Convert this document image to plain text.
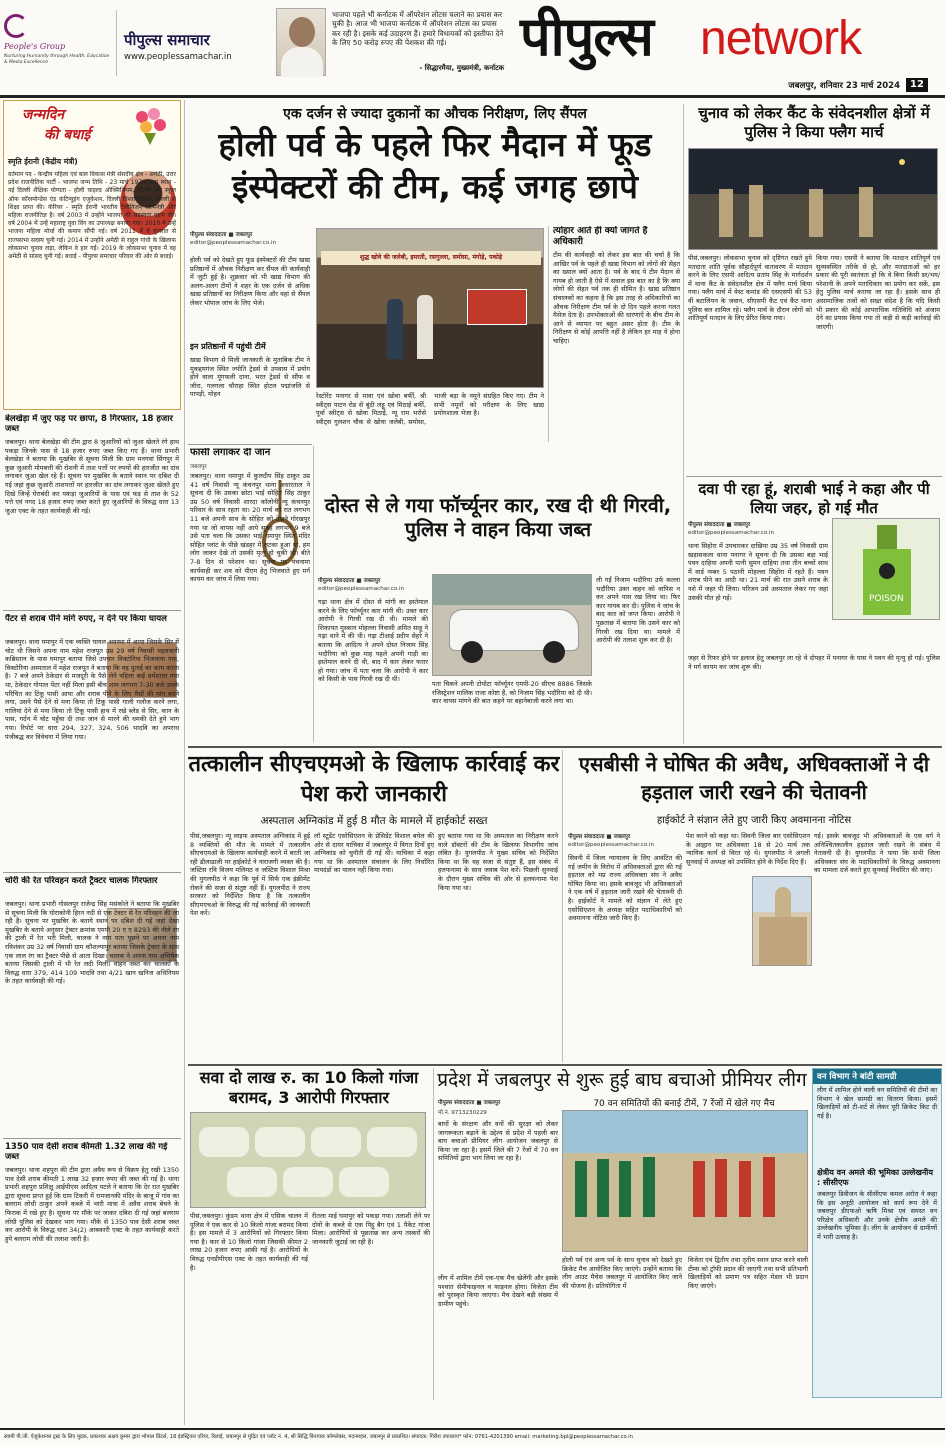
People's Group
Nurturing Humanity through Health, Education & Media Excellence
पीपुल्स समाचार
www.peoplessamachar.in
भाजपा पहले भी कर्नाटक में ऑपरेशन लोटस चलाने का प्रयास कर चुकी है। आज भी भाजपा कर्नाटक में ऑपरेशन लोटस का प्रयास कर रही है। इसके कई उदाहरण हैं। हमारे विधायकों को इस्तीफा देने के लिए 50 करोड़ रुपए की पेशकश की गई।
- सिद्धारमैया, मुख्यमंत्री, कर्नाटक पीपुल्स network
जबलपुर, शनिवार 23 मार्च 2024	12
जन्मदिन
की बधाई
स्मृति ईरानी (केंद्रीय मंत्री)
वर्तमान पद - केन्द्रीय महिला एवं बाल विकास मंत्री संसदीय क्षेत्र - अमेठी, उत्तर प्रदेश राजनीतिक पार्टी - भाजपा जन्म तिथि - 23 मार्च 1976 जन्म स्थान - नई दिल्ली शैक्षिक योग्यता - होली चाइल्ड ऑक्सिलियम, दिल्ली और स्कूल ऑफ कॉरस्पोन्डेंस एंड कंटिन्यूइंग एजुकेशन, दिल्ली विश्वविद्यालय, दिल्ली से शिक्षा प्राप्त की। कॅरियर - स्मृति ईरानी भारतीय टेलीविजन अभिनेत्री और महिला राजनीतिज्ञ है। वर्ष 2003 में उन्होंने भाजपा की सदस्यता ग्रहण की। वर्ष 2004 में उन्हें महाराष्ट्र युवा विंग का उपाध्यक्ष बनाया गया। 2010 में उन्हें भाजपा महिला मोर्चा की कमान सौंपी गई। वर्ष 2011 में वे गुजरात से राज्यसभा सदस्य चुनी गई। 2014 में उन्होंने अमेठी से राहुल गांधी के खिलाफ लोकसभा चुनाव लड़ा, लेकिन वे हार गईं। 2019 के लोकसभा चुनाव में वह अमेठी से सांसद चुनी गईं। बधाई - पीपुल्स समाचार परिवार की ओर से बधाई।
बेलखेड़ा में जुए फड़ पर छापा, 8 गिरफ्तार, 18 हजार जब्त
जबलपुर। थाना बेलखेड़ा की टीम द्वारा 8 जुआरियों को जुआ खेलते रंगे हाथ पकड़ा जिनके पास से 18 हजार रुपए जब्त किए गए हैं। थाना प्रभारी बेलखेड़ा ने बताया कि मुखबिर से सूचना मिली कि ग्राम मनगवां सिंगपुर में कुछ जुआरी मोमबत्ती की रोशनी में ताश पत्तों पर रुपयों की हारजीत का दांव लगाकर जुआ खेल रहे हैं। सूचना पर मुखबिर के बताये स्थान पर दबिश दी गई जहां कुछ जुआरी ताशपत्तों पर हारजीत का दांव लगाकर जुआ खेलते हुए दिखे जिन्हें घेराबंदी कर पकड़ा जुआरियों के पास एवं फड़ से ताश के 52 पत्ते एवं नगद 18 हजार रुपए जब्त करते हुए जुआरियों के विरुद्ध धारा 13 जुआ एक्ट के तहत कार्यवाही की गई।
पैंटर से शराब पीने मांगे रुपए, न देने पर किया घायल
जबलपुर। थाना घमापुर में एक व्यक्ति घायल अवस्था में आया जिसके सिर में चोट थी जिसने अपना नाम महेश राजपूत उम्र 29 वर्ष निवासी पहलवानी कब्रिस्तान के पास घमापुर बताया जिसे उपचार विक्टोरिया भिजवाया गया, विक्टोरिया अस्पताल में महेश राजपूत ने बताया कि वह पुताई का काम करता है। 7 बजे अपने ठेकेदार से मजदूरी के पैसे लेने पहिला बाई धर्मशाला गया था, ठेकेदार गोपाल पेंटर नहीं मिला इसी बीच शाम लगभग 7-30 बजे उसके परिचित का टिंकू पासी आया और शराब पीने के लिए पैसों की मांग करने लगा, उसने पैसे देने से मना किया तो टिंकू पासी गाली गलौज करने लगा, गालियां देने से मना किया तो टिंकू पासी हाथ में रखे ब्लेड से सिर, कान के पास, गर्दन में चोट पहुँचा दी तथा जान से मारने की धमकी देते हुये भाग गया। रिपोर्ट पर धारा 294, 327, 324, 506 भादवि का अपराध पंजीबद्ध कर विवेचना में लिया गया।
चोरी की रेत परिवहन करते ट्रैक्टर चालक गिरफ्तार
जबलपुर। थाना प्रभारी गोसलपुर राजेन्द्र सिंह मसंकोले ने बताया कि मुखबिर से सूचना मिली कि घोराकोनी हिरन नदी से एक टेक्टर से रेत परिवहन की जा रही है। सूचना पर मुखबिर के बताये स्थान पर दबिश दी गई जहां देखा मुखबिर के बताये अनुसार ट्रेक्टर क्रमांक एमपी 20 ए ए 8293 की नीले रंग की ट्राली में रेत भरी मिली, चालक ने नाम पता पूछने पर अपना नाम रविशंकर उम्र 32 वर्ष निवासी ग्राम कौशल्यापुर बताया जिसके ट्रेक्टर के साथ एक लाल रंग का ट्रैक्टर पीछे से आता दिखा। चालक ने अपना नाम अभिषेक बताया जिसकी ट्राली में भी रेत लदी मिली। वाहन जब्त कर चालकों के विरुद्ध धारा 379, 414 109 भादवि तथा 4/21 खान खनिज अधिनियम के तहत कार्यवाही की गई।
1350 पाव देसी शराब कीमती 1.32 लाख की गई जब्त
जबलपुर। थाना शहपुरा की टीम द्वारा अवैध रूप से विक्रय हेतु रखी 1350 पाव देसी शराब कीमती 1 लाख 32 हजार रुपए की जब्त की गई है। थाना प्रभारी शहपुरा प्रशिक्षु आईपीएस आदित्य पटले ने बताया कि देर रात मुखबिर द्वारा सूचना प्राप्त हुई कि ग्राम टिकरी में रामजानकी मंदिर के बाजू में गांव का बलराम लोधी ठाकुर अपने कब्जे में भारी मात्रा में अवैध शराब बेचने के फिराक में रखे हुए है। सूचना पर मौके पर जाकर दबिश दी गई जहां बलराम लोधी पुलिस को देखकर भाग गया। मौके से 1350 पाव देसी शराब जब्त कर आरोपी के विरुद्ध धारा 34(2) आबकारी एक्ट के तहत कार्यवाही करते हुये बलराम लोधी की तलाश जारी है।
एक दर्जन से ज्यादा दुकानों का औचक निरीक्षण, लिए सैंपल
होली पर्व के पहले फिर मैदान में फूड इंस्पेक्टरों की टीम, कई जगह छापे
पीपुल्स संवाददाता ■ जबलपुर
editor@peoplessamachar.co.in
होली पर्व को देखते हुए फूड इंस्पेक्टरों की टीम खाद्य प्रतिष्ठानों में औचक निरीक्षण कर सैंपल की कार्यवाही में जुटी हुई है। शुक्रवार को भी खाद्य विभाग की अलग-अलग टीमों ने शहर के एक दर्जन से अधिक खाद्य प्रतिष्ठानों का निरीक्षण किया और वहां से सैंपल लेकर भोपाल जांच के लिए भेजे।
इन प्रतिष्ठानों में पहुंची टीमें
खाद्य विभाग से मिली जानकारी के मुताबिक टीम ने मुकद्दमगंज स्थित ज्योति ट्रेडर्स से उपवास में प्रयोग होने वाला मूंगफली दाना, भरत ट्रेडर्स से सौंफ व जीरा, गलगला चौराहा स्थित होटल पद्मांजलि से पापड़ी, मोहन
शुद्ध खोवे की जलेबी, इमरती, रसगुल्ला, समोसा, मंगोड़े, पकोड़े
रेस्टोरेंट पनागर से मावा एवं खोवा बर्फी, श्री स्वीट्स पाटन रोड से बूंदी लड्डू एवं मिठाई बर्फी, पूर्वा स्वीट्स से खोवा मिठाई, न्यू राम भरोसे स्वीट्स गुलशन चौक से खोवा जलेबी, समोसा, भाजी बड़ा के नमूने संग्रहित किए गए। टीम ने सभी नमूनों को परीक्षण के लिए खाद्य प्रयोगशाला भेजा है।
त्योहार आते ही क्यों जागते हैं अधिकारी
टीम की कार्यवाही को लेकर इस बात की चर्चा है कि आखिर पर्व के पहले ही खाद्य विभाग को लोगों की सेहत का ख्याल क्यों आता है। पर्व के बाद ये टीम मैदान से गायब हो जाती है ऐसे में सवाल इस बात का है कि क्या लोगों की सेहत पर्व तक ही सीमित है। खाद्य प्रतिष्ठान संचालकों का कहना है कि इस तरह से अधिकारियों का औचक निरीक्षण टीम पर्व के दो दिन पहले करना गलत मैसेज देता है। उपभोक्ताओं की धारणाएँ के बीच टीम के आने से व्यापार पर बहुत असर होता है। टीम के निरीक्षण से कोई आपत्ति नहीं है लेकिन हर माह ये होना चाहिए।
फांसी लगाकर दी जान
जबलपुर
जबलपुर। थाना घमापुर में कुलदीप सिंह ठाकुर उम्र 41 वर्ष निवासी न्यू कंचनपुर थाना अधारताल ने सूचना दी कि उसका छोटा भाई सोहित सिंह ठाकुर उम्र 50 वर्ष निवासी शारदा कॉलोनी न्यू कंचनपुर परिवार के साथ रहता था। 20 मार्च को रात लगभग 11 बजे अपनी साथ के सोहित को देखने गोरखपुर गया था जो वापस नहीं आये सुबह लगभग 9 बजे उसे पता चला कि उसका भाई घमापुर स्थित मंदिर सोहित प्लांट के पीछे खंडहर में लटका हुआ था, हम लोग जाकर देखे तो उसकी मृत्यु हो चुकी थी। बीते 7-8 दिन से परेशान था। सूचना पर पंचनामा कार्यवाही कर शव को पीएम हेतु भिजवाते हुए मर्ग कायम कर जांच में लिया गया।
दोस्त से ले गया फॉर्च्यूनर कार, रख दी थी गिरवी, पुलिस ने वाहन किया जब्त
पीपुल्स संवाददाता ■ जबलपुर
editor@peoplessamachar.co.in
गढ़ा थाना क्षेत्र में दोस्त से मांगी का इस्तेमाल करने के लिए फॉर्च्यूनर कार मांगी थी। उक्त कार आरोपी ने गिरवी रख दी थी। मामले की शिकायत मुस्कान मोहल्ला निवासी अमित साहू ने गढ़ा थाने में की थी। गढ़ा टीआई प्रदीप सेहरे ने बताया कि आदित्य ने अपने दोस्त निजाम सिंह भदौरिया को कुछ माह पहले अपनी गाड़ी का इस्तेमाल करने दी थी, बाद में कार लेकर फरार हो गया। जांच में पता चला कि आरोपी ने कार को किसी के पास गिरवी रख दी थी।
पता चिकने अपनी टोयोटा फॉर्च्यूनर एमपी-20 सीएच 8886 जिसके रजिस्ट्रेशन मालिक राजा कोष्टा हैं, को निजाम सिंह भदौरिया को दी थी। कार वापस मांगने की बात कहने पर बहानेबाजी करने लगा था।
ली गईं निजाम भदौरिया उर्फ कल्ला भदौरिया उक्त वाहन को वापिस न कर अपने पास रख लिया था। फिर कार गायब कर दी। पुलिस ने जांच के बाद कार को जप्त किया। आरोपी ने पूछताछ में बताया कि उसने कार को गिरवी रख दिया था। मामले में आरोपी की तलाश शुरू कर दी है।
चुनाव को लेकर कैंट के संवेदनशील क्षेत्रों में पुलिस ने किया फ्लैग मार्च
पीसं,जबलपुर। लोकसभा चुनाव को दृष्टिगत रखते हुये मतदाता शांति पूर्वक सौहार्दपूर्ण वातावरण में मतदान करने के लिए एसपी आदित्य प्रताप सिंह के मार्गदर्शन में थाना कैंट के संवेदनशील क्षेत्र में फ्लैग मार्च किया गया। फ्लैग मार्च में वेस्ट कमांड की एसएसपी की 53 वीं बटालियन के जवान, सीएसपी कैंट एवं कैंट थाना पुलिस बल शामिल रहे। फ्लैग मार्च के दौरान लोगों को शांतिपूर्ण मतदान के लिए प्रेरित किया गया।
किया गया। एसपी ने बताया कि मतदान शांतिपूर्ण एवं सुव्यवस्थित तरीके से हो, और मतदाताओं को हर प्रकार की पूरी स्वतंत्रता हो कि वे बिना किसी डर/भय/परेशानी के अपने मताधिकार का प्रयोग कर सकें, इस हेतु पुलिस मार्च कराया जा रहा है। इसके साथ ही असामाजिक तत्वों को सख्त संदेश है कि यदि किसी भी प्रकार की कोई आपराधिक गतिविधि को अंजाम देने का प्रयास किया गया तो कड़ी से कड़ी कार्रवाई की जाएगी।
दवा पी रहा हूं, शराबी भाई ने कहा और पी लिया जहर, हो गई मौत
पीपुल्स संवाददाता ■ जबलपुर
editor@peoplessamachar.co.in
थाना सिहोरा में उपचारकर दाखिया उम्र 35 वर्ष निवासी ग्राम खड़ासकला थाना पनागर ने सूचना दी कि उसका बड़ा भाई पवन दाहिया अपनी पत्नी सुमन दाहिया तथा तीन बच्चों साथ में वार्ड नम्बर 5 पठानी मोहल्ला सिहोरा में रहते हैं। पवन शराब पीने का आदी था। 21 मार्च की रात उसने शराब के नशे में जहर पी लिया। परिजन उसे अस्पताल लेकर गए जहां उसकी मौत हो गई।	POISON
जहर से रिफर होने पर इलाज हेतु जबलपुर ला रहे थे दोपहर में पनागर के पास ने पवन की मृत्यु हो गई। पुलिस ने मर्ग कायम कर जांच शुरू की।
तत्कालीन सीएचएमओ के खिलाफ कार्रवाई कर पेश करो जानकारी
अस्पताल अग्निकांड में हुई 8 मौत के मामले में हाईकोर्ट सख्त
पीसं,जबलपुर। न्यू लाइफ अस्पताल अग्निकांड में हुई 8 व्यक्तियों की मौत के मामले में तत्कालीन सीएचएमओ के खिलाफ कार्यवाही करने में बरती जा रही ढीलाढाली पर हाईकोर्ट ने नाराजगी व्यक्त की है। जस्टिस रवि विजय मलिमठ व जस्टिस विशाल मिश्रा की युगलपीठ ने कहा कि पूर्व में सिर्फ एक इंक्रीमेंट रोकने की सजा से संतुष्ट नहीं हैं। युगलपीठ ने राज्य सरकार को निर्देशित किया है कि तत्कालीन सीएमएचओ के विरुद्ध की गई कार्रवाई की जानकारी पेश करें।
लॉ स्टूडेंट एसोसिएशन के प्रेसिडेंट विशाल बघेल की ओर से दायर याचिका में जबलपुर में विगत दिनों हुए अग्निकांड को चुनौती दी गई थी। याचिका में कहा गया था कि अस्पताल संचालन के लिए निर्धारित मापदंडों का पालन नहीं किया गया।
हुए बताया गया था कि अस्पताल का निरीक्षण करने वाले डॉक्टरों की टीम के खिलाफ विभागीय जांच लंबित है। युगलपीठ ने मुख्य सचिव को निर्देशित किया था कि वह सजा से संतुष्ट हैं, इस संबंध में हलफनामा के साथ जवाब पेश करें। पिछली सुनवाई के दौरान मुख्य सचिव की ओर से हलफनामा पेश किया गया था।
एसबीसी ने घोषित की अवैध, अधिवक्ताओं ने दी हड़ताल जारी रखने की चेतावनी
हाईकोर्ट ने संज्ञान लेते हुए जारी किए अवमानना नोटिस
पीपुल्स संवाददाता ■ जबलपुर
editor@peoplessamachar.co.in
सिवनी में जिला न्यायालय के लिए आवंटित की गई जमीन के विरोध में अधिवक्ताओं द्वारा की गई हड़ताल को मप्र राज्य अधिवक्ता संघ ने अवैध घोषित किया था। इसके बावजूद भी अधिवक्ताओं ने एक वर्ष में हड़ताल जारी रखने की चेतावनी दी है। हाईकोर्ट ने मामले को संज्ञान में लेते हुए एसोसिएशन के अध्यक्ष सहित पदाधिकारियों को अवमानना नोटिस जारी किए हैं।
पेश करने को कहा था। सिवनी जिला बार एसोसिएशन के आह्वान पर अधिवक्ता 18 से 20 मार्च तक न्यायिक कार्य से विरत रहे थे। युगलपीठ ने अगली सुनवाई में अध्यक्ष को उपस्थित होने के निर्देश दिए हैं।
गई। इसके बावजूद भी अधिवक्ताओं के एक वर्ग ने अनिश्चितकालीन हड़ताल जारी रखने के संबंध में नेतावनी दी है। युगलपीठ ने पाया कि सभी जिला अधिवक्ता संघ के पदाधिकारियों के विरुद्ध अवमानना का मामला दर्ज करते हुए सुनवाई निर्धारित की जाए।
सवा दो लाख रु. का 10 किलो गांजा बरामद, 3 आरोपी गिरफ्तार
पीसं,जबलपुर। कुंडम थाना क्षेत्र में एसिक चालन में पुलिस ने एक कार से 10 किलो गांजा बरामद किया है। इस मामले में 3 आरोपियों को गिरफ्तार किया गया है। कार से 10 किलो गांजा जिसकी कीमत 2 लाख 20 हजार रुपए आंकी गई है। आरोपियों के विरुद्ध एनडीपीएस एक्ट के तहत कार्यवाही की गई है।
रीतला माई घमापुर को पकड़ा गया। तलाशी लेने पर दोनों के कब्जे से एक पिट्ठू बैग एवं 1 पैकेट गांजा मिला। आरोपियों से पूछताछ कर अन्य तस्करों की जानकारी जुटाई जा रही है।
प्रदेश में जबलपुर से शुरू हुई बाघ बचाओ प्रीमियर लीग
70 वन समितियों की बनाई टीमें, 7 रेंजों में खेले गए मैच
पीपुल्स संवाददाता ■ जबलपुर
मो.नं. 9713230229
बाघों के संरक्षण और वनों की सुरक्षा को लेकर जागरूकता बढ़ाने के उद्देश्य से प्रदेश में पहली बार बाघ बचाओ प्रीमियर लीग आयोजन जबलपुर से किया जा रहा है। इसमें जिले की 7 रेंजों में 70 वन समितियों द्वारा भाग लिया जा रहा है।
लीग में शामिल टीमें एक-एक मैच खेलेंगी और इसके पश्चात सेमीफाइनल व फाइनल होगा। विजेता टीम को पुरस्कृत किया जाएगा। मैच देखने बड़ी संख्या में ग्रामीण पहुंचे।
होली पर्व एवं अन्य पर्व के साथ चुनाव को देखते हुए क्रिकेट मैच आयोजित किए जाएंगे। उन्होंने बताया कि लीग आउट मैचेस जबलपुर में आयोजित किए जाने की योजना है। प्रतियोगिता में
विजेता एवं द्वितीय तथा तृतीय स्थान प्राप्त करने वाली टीम्स को ट्रॉफी प्रदान की जाएगी तथा सभी प्रतिभागी खिलाड़ियों को प्रमाण पत्र सहित मेडल भी प्रदान किए जाएंगे।
वन विभाग ने बांटी सामग्री
लीग में शामिल होने वाली वन समितियों की टीमों का विभाग ने खेल सामग्री का वितरण किया। इसमें खिलाड़ियों को टी-शर्ट से लेकर पूरी क्रिकेट किट दी गई है।
क्षेत्रीय वन अमले की भूमिका उल्लेखनीय : सीसीएफ
जबलपुर डिवीजन के सीसीएफ कमल अरोरा ने कहा कि इस अनूठी आयोजन को कार्य रूप देने में जबलपुर डीएफओ ऋषि मिश्रा एवं समस्त वन परिक्षेत्र अधिकारी और उनके क्षेत्रीय अमले की उल्लेखनीय भूमिका है। लीग के आयोजन से ग्रामीणों में भारी उत्साह है।
स्वामी पी.जी. ऐजुकेशनल ट्रस्ट के लिए मुद्रक, प्रकाशक अक्षय कुमार द्वारा भोपाल प्रिंटर्स, 18 इंडस्ट्रियल एरिया, रिछाई, जबलपुर से मुद्रित एवं प्लॉट नं. 4, श्री सिद्धि बिनायक कॉम्प्लेक्स, मदनमहल, जबलपुर से प्रकाशित। संपादक: गिरीश उपाध्याय* फोन: 0761-4201390 email: marketing.bpl@peoplessamachar.co.in
